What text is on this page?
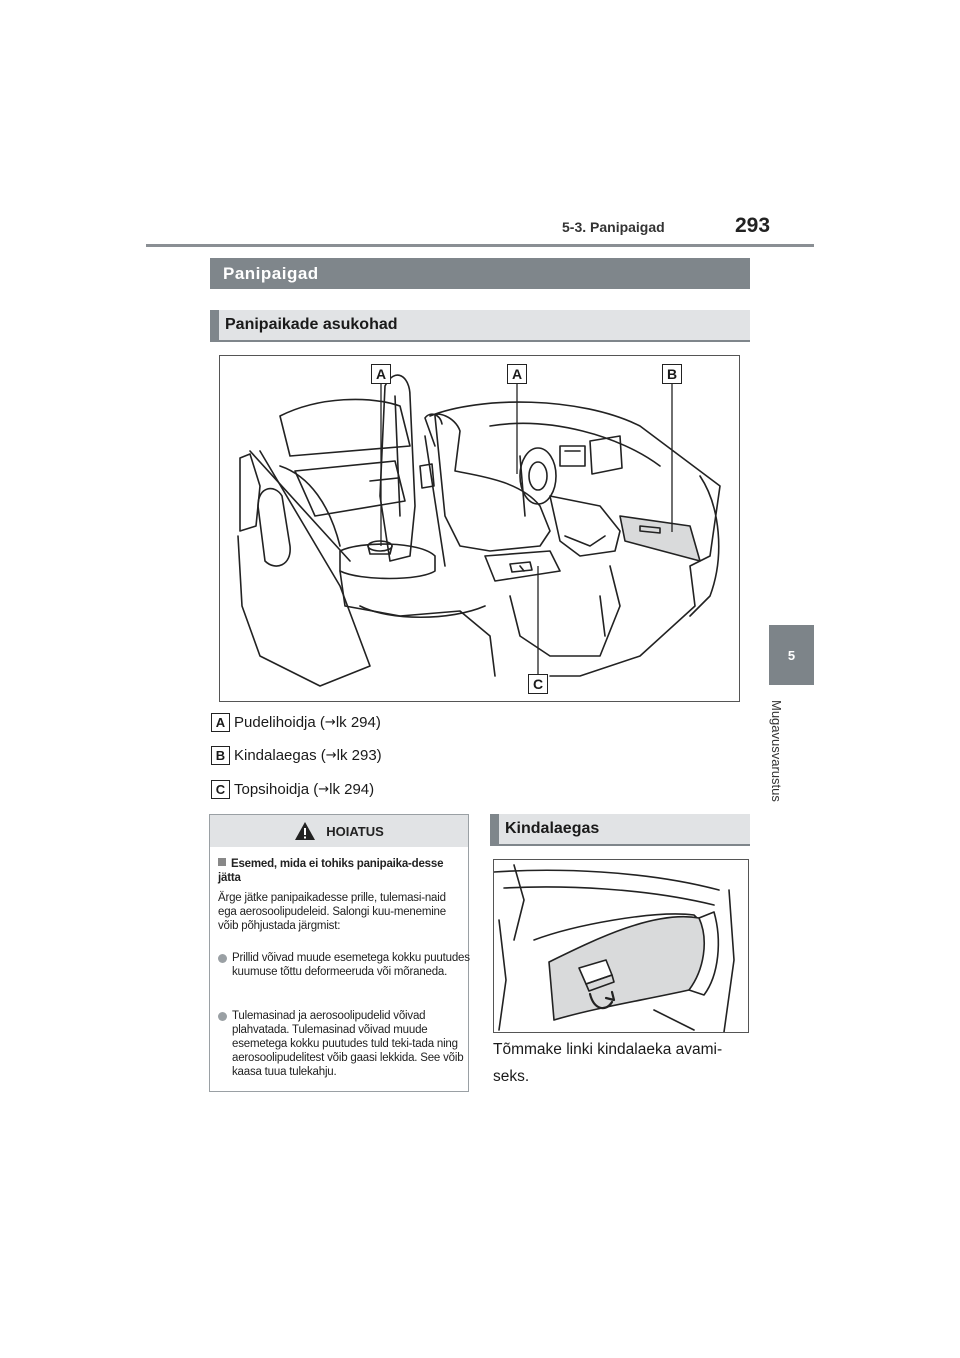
5-3. Panipaigad	293
5
Mugavusvarustus
Panipaigad
Panipaikade asukohad
A	A	B
C
A Pudelihoidja ( → lk 294)
B Kindalaegas ( → lk 293)
C Topsihoidja ( → lk 294)
HOIATUS
Esemed, mida ei tohiks panipaika-desse jätta
Ärge jätke panipaikadesse prille, tulemasi-naid ega aerosoolipudeleid. Salongi kuu-menemine võib põhjustada järgmist:
Prillid võivad muude esemetega kokku puutudes kuumuse tõttu deformeeruda või mõraneda.
Tulemasinad ja aerosoolipudelid võivad plahvatada. Tulemasinad võivad muude esemetega kokku puutudes tuld teki-tada ning aerosoolipudelitest võib gaasi lekkida. See võib kaasa tuua tulekahju.
Kindalaegas
Tõmmake linki kindalaeka avami-seks.
